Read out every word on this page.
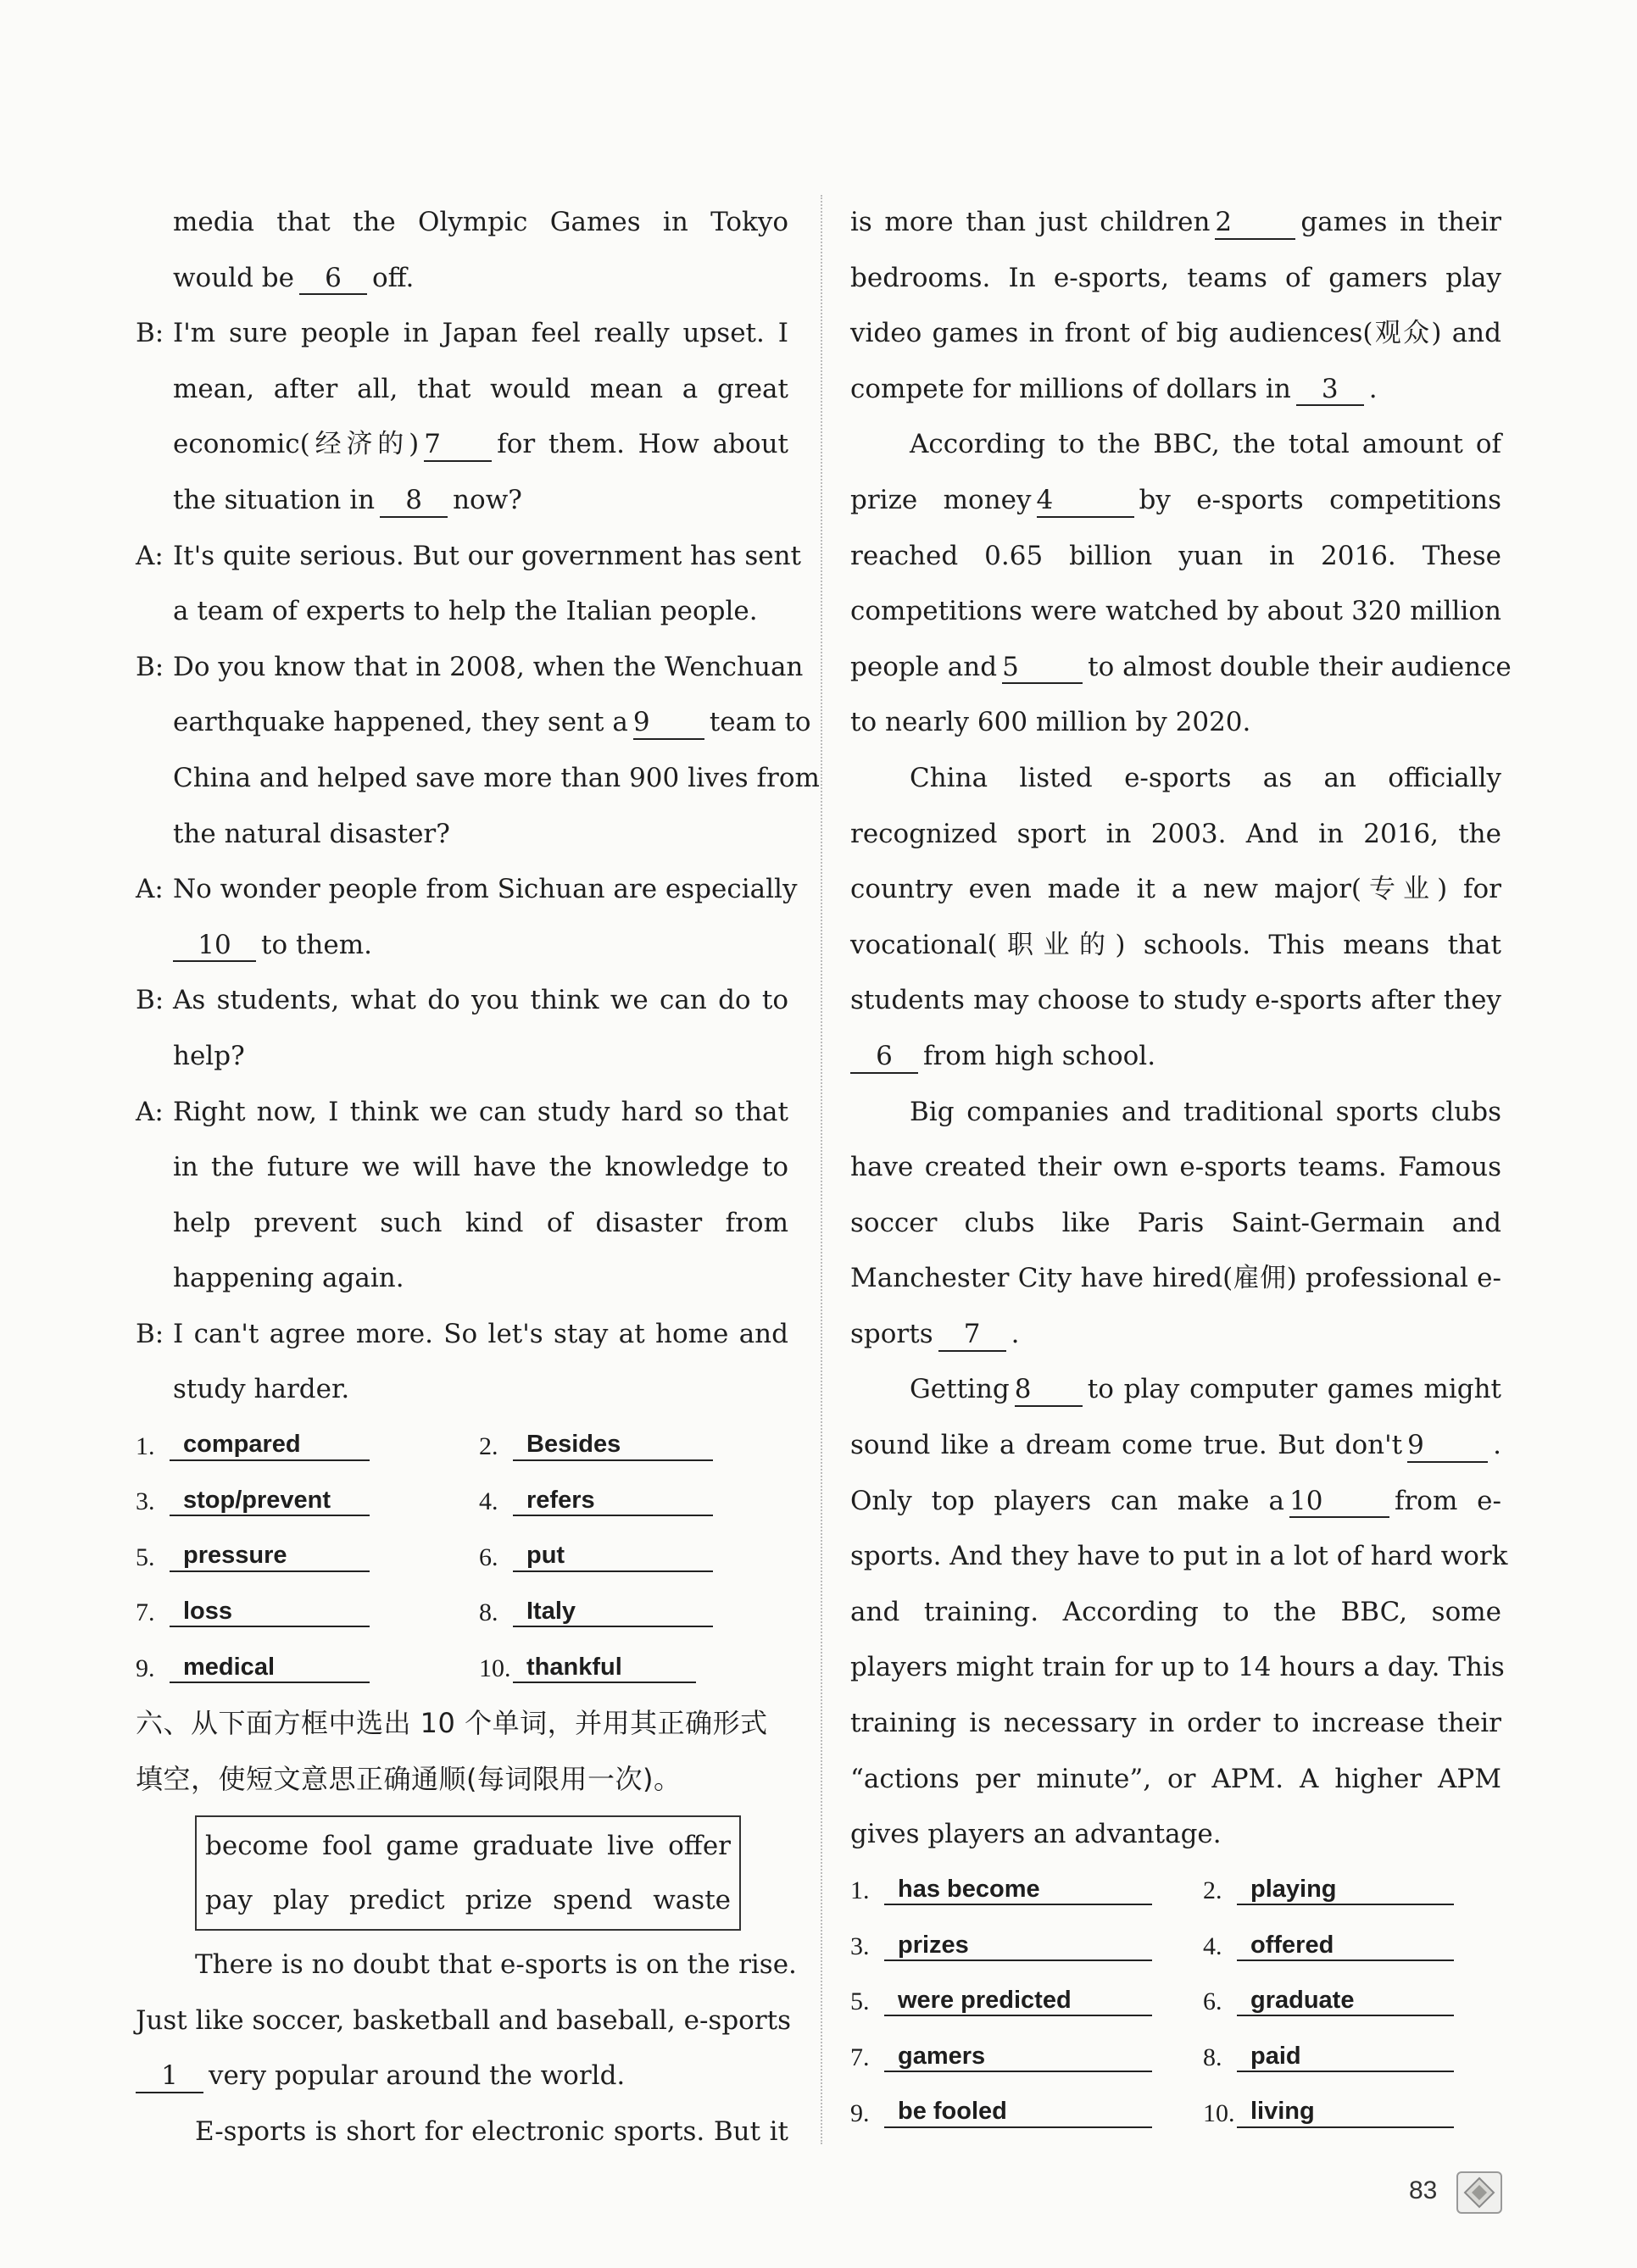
media that the Olympic Games in Tokyo
would be 6 off.
B: I'm sure people in Japan feel really upset. I
mean, after all, that would mean a great
economic(经济的) 7 for them. How about
the situation in 8 now?
A: It's quite serious. But our government has sent
a team of experts to help the Italian people.
B: Do you know that in 2008, when the Wenchuan
earthquake happened, they sent a 9 team to
China and helped save more than 900 lives from
the natural disaster?
A: No wonder people from Sichuan are especially
10 to them.
B: As students, what do you think we can do to
help?
A: Right now, I think we can study hard so that
in the future we will have the knowledge to
help prevent such kind of disaster from
happening again.
B: I can't agree more. So let's stay at home and
study harder.
1.	compared	2.	Besides
3.	stop/prevent	4.	refers
5.	pressure	6.	put
7.	loss	8.	Italy
9.	medical	10. thankful
六、从下面方框中选出 10 个单词，并用其正确形式
填空，使短文意思正确通顺(每词限用一次)。
become fool game graduate live offer
pay play predict prize spend waste
There is no doubt that e-sports is on the rise.
Just like soccer, basketball and baseball, e-sports
1 very popular around the world.
E-sports is short for electronic sports. But it
is more than just children 2	games in their
bedrooms. In e-sports, teams of gamers play
video games in front of big audiences(观众) and
compete for millions of dollars in 3 .
According to the BBC, the total amount of
prize money 4	by e-sports competitions
reached 0.65 billion yuan in 2016. These
competitions were watched by about 320 million
people and 5	to almost double their audience
to nearly 600 million by 2020.
China listed e-sports as an officially
recognized sport in 2003. And in 2016, the
country even made it a new major(专业) for
vocational(职业的) schools. This means that
students may choose to study e-sports after they
6 from high school.
Big companies and traditional sports clubs
have created their own e-sports teams. Famous
soccer clubs like Paris Saint-Germain and
Manchester City have hired(雇佣) professional e-
sports 7 .
Getting 8 to play computer games might
sound like a dream come true. But don't 9	.
Only top players can make a 10	from e-
sports. And they have to put in a lot of hard work
and training. According to the BBC, some
players might train for up to 14 hours a day. This
training is necessary in order to increase their
“actions per minute”, or APM. A higher APM
gives players an advantage.
1.	has become	2.	playing
3.	prizes	4.	offered
5.	were predicted	6.	graduate
7.	gamers	8.	paid
9.	be fooled	10. living
83
